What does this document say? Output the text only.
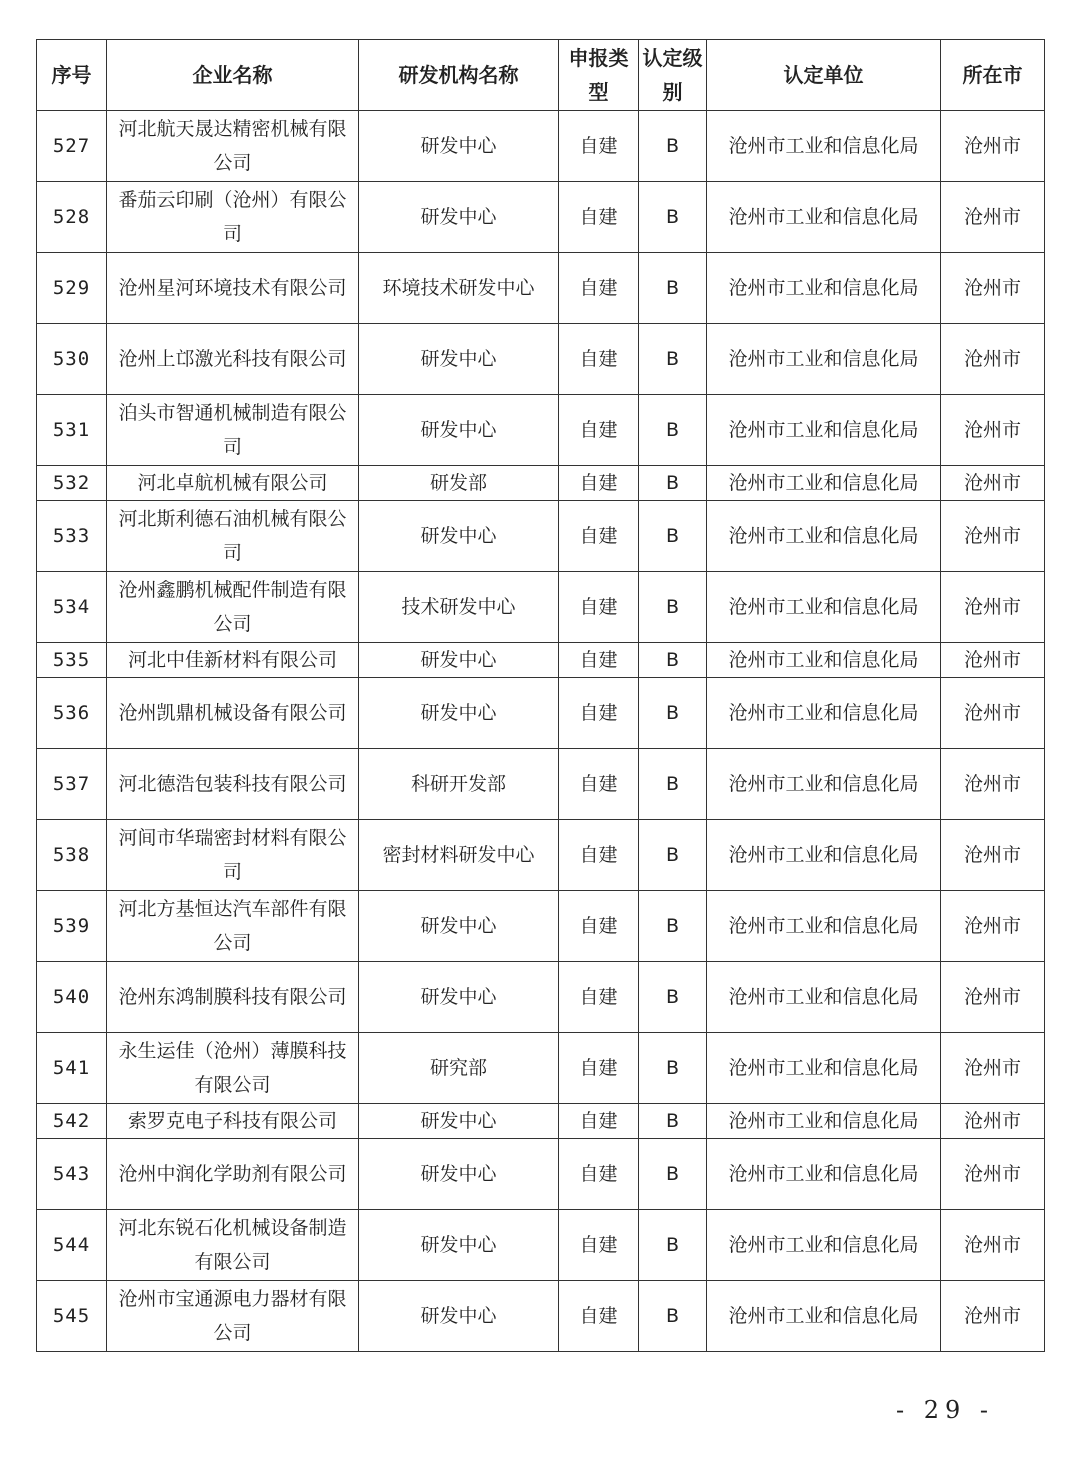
序号	企业名称	研发机构名称	申报类型	认定级别	认定单位	所在市
527	河北航天晟达精密机械有限公司	研发中心	自建	B	沧州市工业和信息化局	沧州市
528	番茄云印刷（沧州）有限公司	研发中心	自建	B	沧州市工业和信息化局	沧州市
529	沧州星河环境技术有限公司	环境技术研发中心	自建	B	沧州市工业和信息化局	沧州市
530	沧州上邙激光科技有限公司	研发中心	自建	B	沧州市工业和信息化局	沧州市
531	泊头市智通机械制造有限公司	研发中心	自建	B	沧州市工业和信息化局	沧州市
532	河北卓航机械有限公司	研发部	自建	B	沧州市工业和信息化局	沧州市
533	河北斯利德石油机械有限公司	研发中心	自建	B	沧州市工业和信息化局	沧州市
534	沧州鑫鹏机械配件制造有限公司	技术研发中心	自建	B	沧州市工业和信息化局	沧州市
535	河北中佳新材料有限公司	研发中心	自建	B	沧州市工业和信息化局	沧州市
536	沧州凯鼎机械设备有限公司	研发中心	自建	B	沧州市工业和信息化局	沧州市
537	河北德浩包装科技有限公司	科研开发部	自建	B	沧州市工业和信息化局	沧州市
538	河间市华瑞密封材料有限公司	密封材料研发中心	自建	B	沧州市工业和信息化局	沧州市
539	河北方基恒达汽车部件有限公司	研发中心	自建	B	沧州市工业和信息化局	沧州市
540	沧州东鸿制膜科技有限公司	研发中心	自建	B	沧州市工业和信息化局	沧州市
541	永生运佳（沧州）薄膜科技有限公司	研究部	自建	B	沧州市工业和信息化局	沧州市
542	索罗克电子科技有限公司	研发中心	自建	B	沧州市工业和信息化局	沧州市
543	沧州中润化学助剂有限公司	研发中心	自建	B	沧州市工业和信息化局	沧州市
544	河北东锐石化机械设备制造有限公司	研发中心	自建	B	沧州市工业和信息化局	沧州市
545	沧州市宝通源电力器材有限公司	研发中心	自建	B	沧州市工业和信息化局	沧州市
- 29 -
